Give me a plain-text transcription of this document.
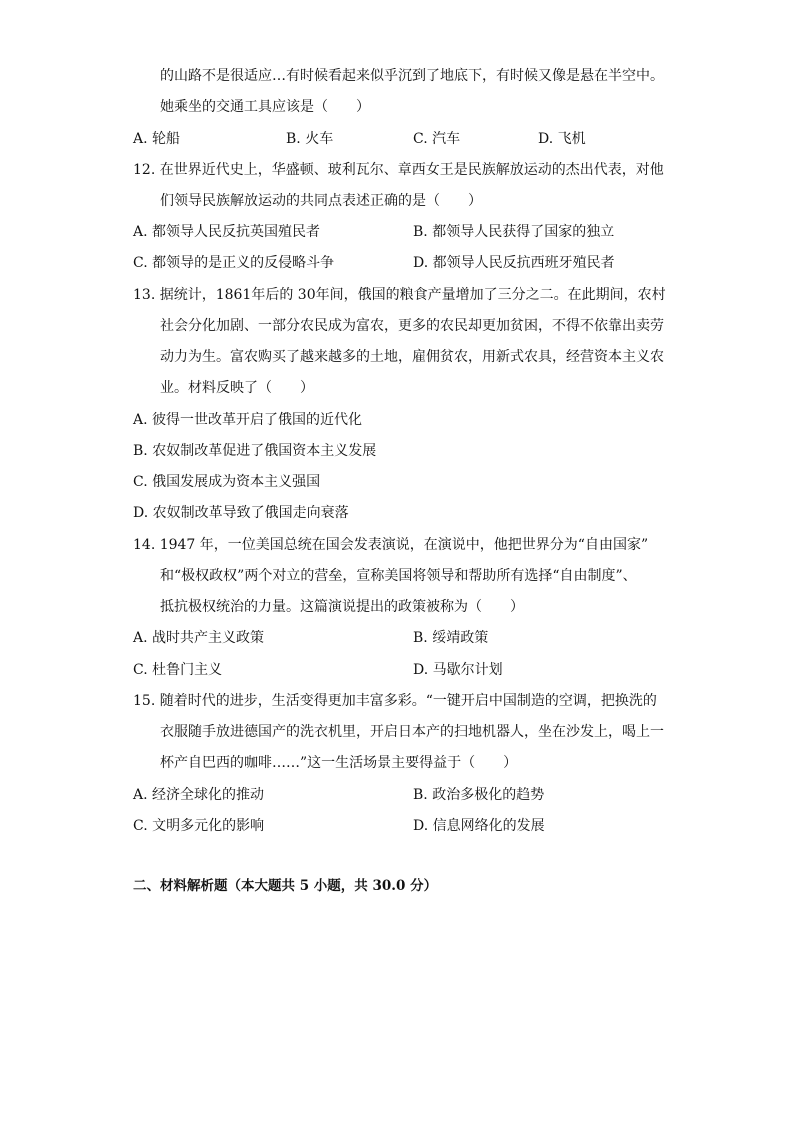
的山路不是很适应…有时候看起来似乎沉到了地底下，有时候又像是悬在半空中。
她乘坐的交通工具应该是（　　）
A. 轮船	B. 火车	C. 汽车	D. 飞机
12. 在世界近代史上，华盛顿、玻利瓦尔、章西女王是民族解放运动的杰出代表，对他
们领导民族解放运动的共同点表述正确的是（　　）
A. 都领导人民反抗英国殖民者	B. 都领导人民获得了国家的独立
C. 都领导的是正义的反侵略斗争	D. 都领导人民反抗西班牙殖民者
13. 据统计，1861年后的 30年间，俄国的粮食产量增加了三分之二。在此期间，农村
社会分化加剧、一部分农民成为富农，更多的农民却更加贫困，不得不依靠出卖劳
动力为生。富农购买了越来越多的土地，雇佣贫农，用新式农具，经营资本主义农
业。材料反映了（　　）
A. 彼得一世改革开启了俄国的近代化
B. 农奴制改革促进了俄国资本主义发展
C. 俄国发展成为资本主义强国
D. 农奴制改革导致了俄国走向衰落
14. 1947 年，一位美国总统在国会发表演说，在演说中，他把世界分为“自由国家”
和“极权政权”两个对立的营垒，宣称美国将领导和帮助所有选择“自由制度”、
抵抗极权统治的力量。这篇演说提出的政策被称为（　　）
A. 战时共产主义政策	B. 绥靖政策
C. 杜鲁门主义	D. 马歇尔计划
15. 随着时代的进步，生活变得更加丰富多彩。“一键开启中国制造的空调，把换洗的
衣服随手放进德国产的洗衣机里，开启日本产的扫地机器人，坐在沙发上，喝上一
杯产自巴西的咖啡……”这一生活场景主要得益于（　　）
A. 经济全球化的推动	B. 政治多极化的趋势
C. 文明多元化的影响	D. 信息网络化的发展
二、材料解析题（本大题共 5 小题，共 30.0 分）
